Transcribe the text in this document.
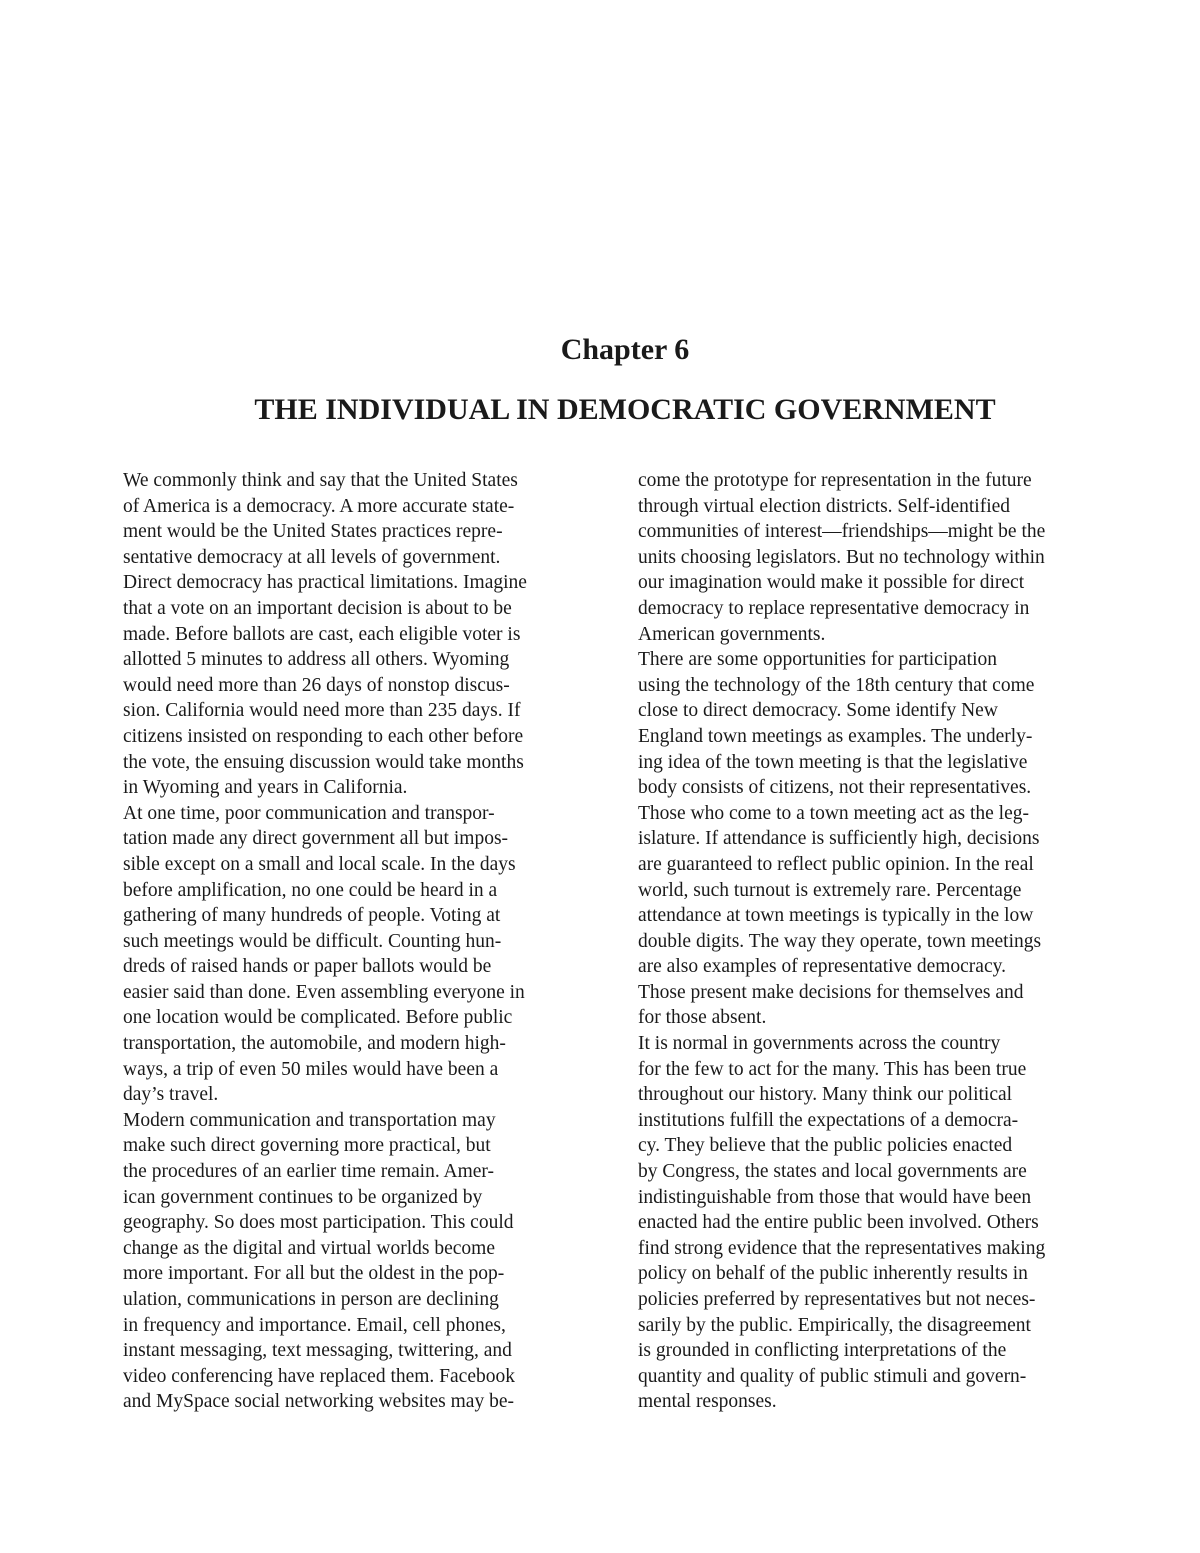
Chapter 6
THE INDIVIDUAL IN DEMOCRATIC GOVERNMENT

We commonly think and say that the United States
of America is a democracy. A more accurate state-
ment would be the United States practices repre-
sentative democracy at all levels of government.
Direct democracy has practical limitations. Imagine
that a vote on an important decision is about to be
made. Before ballots are cast, each eligible voter is
allotted 5 minutes to address all others. Wyoming
would need more than 26 days of nonstop discus-
sion. California would need more than 235 days. If
citizens insisted on responding to each other before
the vote, the ensuing discussion would take months
in Wyoming and years in California.

At one time, poor communication and transpor-
tation made any direct government all but impos-
sible except on a small and local scale. In the days
before amplification, no one could be heard in a
gathering of many hundreds of people. Voting at
such meetings would be difficult. Counting hun-
dreds of raised hands or paper ballots would be
easier said than done. Even assembling everyone in
one location would be complicated. Before public
transportation, the automobile, and modern high-
ways, a trip of even 50 miles would have been a
day’s travel.

Modern communication and transportation may
make such direct governing more practical, but
the procedures of an earlier time remain. Amer-
ican government continues to be organized by
geography. So does most participation. This could
change as the digital and virtual worlds become
more important. For all but the oldest in the pop-
ulation, communications in person are declining
in frequency and importance. Email, cell phones,
instant messaging, text messaging, twittering, and
video conferencing have replaced them. Facebook
and MySpace social networking websites may be-

come the prototype for representation in the future
through virtual election districts. Self-identified
communities of interest—friendships—might be the
units choosing legislators. But no technology within
our imagination would make it possible for direct
democracy to replace representative democracy in
American governments.

There are some opportunities for participation
using the technology of the 18th century that come
close to direct democracy. Some identify New
England town meetings as examples. The underly-
ing idea of the town meeting is that the legislative
body consists of citizens, not their representatives.
Those who come to a town meeting act as the leg-
islature. If attendance is sufficiently high, decisions
are guaranteed to reflect public opinion. In the real
world, such turnout is extremely rare. Percentage
attendance at town meetings is typically in the low
double digits. The way they operate, town meetings
are also examples of representative democracy.
Those present make decisions for themselves and
for those absent.

It is normal in governments across the country
for the few to act for the many. This has been true
throughout our history. Many think our political
institutions fulfill the expectations of a democra-
cy. They believe that the public policies enacted
by Congress, the states and local governments are
indistinguishable from those that would have been
enacted had the entire public been involved. Others
find strong evidence that the representatives making
policy on behalf of the public inherently results in
policies preferred by representatives but not neces-
sarily by the public. Empirically, the disagreement
is grounded in conflicting interpretations of the
quantity and quality of public stimuli and govern-
mental responses.
